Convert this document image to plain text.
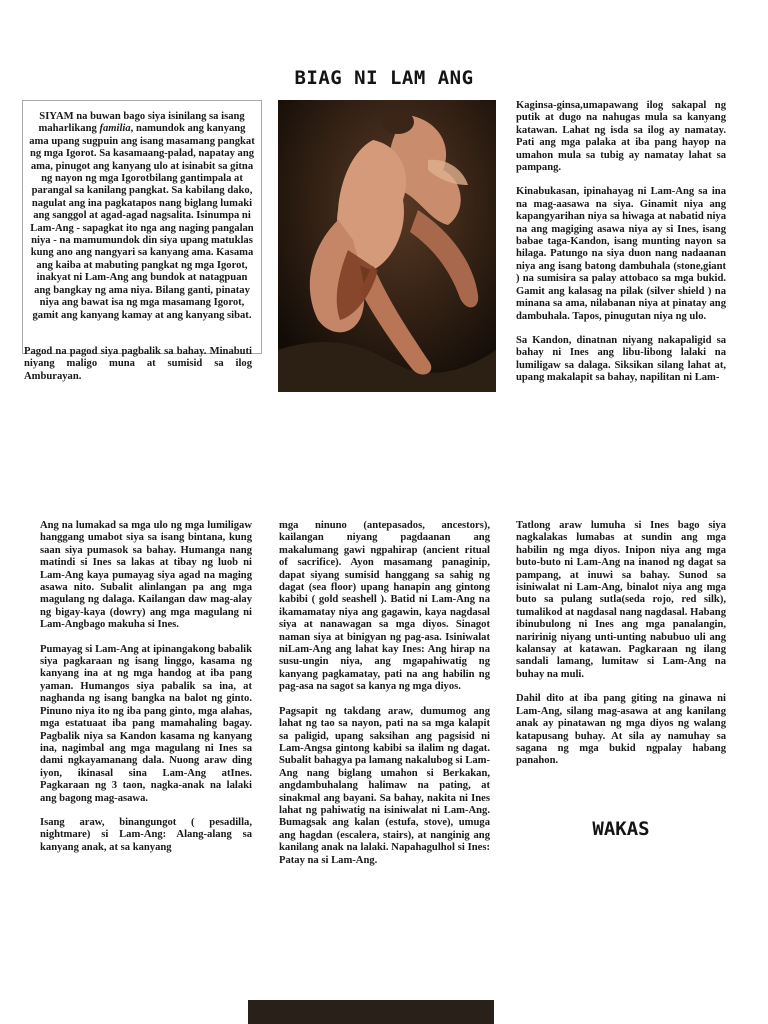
BIAG NI LAM ANG
SIYAM na buwan bago siya isinilang sa isang maharlikang familia, namundok ang kanyang ama upang sugpuin ang isang masamang pangkat ng mga Igorot. Sa kasamaang-palad, napatay ang ama, pinugot ang kanyang ulo at isinabit sa gitna ng nayon ng mga Igorotbilang gantimpala at parangal sa kanilang pangkat. Sa kabilang dako, nagulat ang ina pagkatapos nang biglang lumaki ang sanggol at agad-agad nagsalita. Isinumpa ni Lam-Ang - sapagkat ito nga ang naging pangalan niya - na mamumundok din siya upang matuklas kung ano ang nangyari sa kanyang ama. Kasama ang kaiba at mabuting pangkat ng mga Igorot, inakyat ni Lam-Ang ang bundok at natagpuan ang bangkay ng ama niya. Bilang ganti, pinatay niya ang bawat isa ng mga masamang Igorot, gamit ang kanyang kamay at ang kanyang sibat.
Pagod na pagod siya pagbalik sa bahay. Minabuti niyang maligo muna at sumisid sa ilog Amburayan.

Kaginsa-ginsa,umapawang ilog sakapal ng putik at dugo na nahugas mula sa kanyang katawan. Lahat ng isda sa ilog ay namatay. Pati ang mga palaka at iba pang hayop na umahon mula sa tubig ay namatay lahat sa pampang.

Kinabukasan, ipinahayag ni Lam-Ang sa ina na mag-aasawa na siya. Ginamit niya ang kapangyarihan niya sa hiwaga at nabatid niya na ang magiging asawa niya ay si Ines, isang babae taga-Kandon, isang munting nayon sa hilaga. Patungo na siya duon nang nadaanan niya ang isang batong dambuhala (stone,giant ) na sumisira sa palay attobaco sa mga bukid. Gamit ang kalasag na pilak (silver shield ) na minana sa ama, nilabanan niya at pinatay ang dambuhala. Tapos, pinugutan niya ng ulo.

Sa Kandon, dinatnan niyang nakapaligid sa bahay ni Ines ang libu-libong lalaki na lumiligaw sa dalaga. Siksikan silang lahat at, upang makalapit sa bahay, napilitan ni Lam-

Ang na lumakad sa mga ulo ng mga lumiligaw hanggang umabot siya sa isang bintana, kung saan siya pumasok sa bahay. Humanga nang matindi si Ines sa lakas at tibay ng luob ni Lam-Ang kaya pumayag siya agad na maging asawa nito. Subalit alinlangan pa ang mga magulang ng dalaga. Kailangan daw mag-alay ng bigay-kaya (dowry) ang mga magulang ni Lam-Angbago makuha si Ines.

Pumayag si Lam-Ang at ipinangakong babalik siya pagkaraan ng isang linggo, kasama ng kanyang ina at ng mga handog at iba pang yaman. Humangos siya pabalik sa ina, at naghanda ng isang bangka na balot ng ginto. Pinuno niya ito ng iba pang ginto, mga alahas, mga estatuaat iba pang mamahaling bagay. Pagbalik niya sa Kandon kasama ng kanyang ina, nagimbal ang mga magulang ni Ines sa dami ngkayamanang dala. Nuong araw ding iyon, ikinasal sina Lam-Ang atInes. Pagkaraan ng 3 taon, nagka-anak na lalaki ang bagong mag-asawa.

Isang araw, binangungot ( pesadilla, nightmare) si Lam-Ang: Alang-alang sa kanyang anak, at sa kanyang

mga ninuno (antepasados, ancestors), kailangan niyang pagdaanan ang makalumang gawi ngpahirap (ancient ritual of sacrifice). Ayon masamang panaginip, dapat siyang sumisid hanggang sa sahig ng dagat (sea floor) upang hanapin ang gintong kabibi ( gold seashell ). Batid ni Lam-Ang na ikamamatay niya ang gagawin, kaya nagdasal siya at nanawagan sa mga diyos. Sinagot naman siya at binigyan ng pag-asa. Isiniwalat niLam-Ang ang lahat kay Ines: Ang hirap na susu-ungin niya, ang mgapahiwatig ng kanyang pagkamatay, pati na ang habilin ng pag-asa na sagot sa kanya ng mga diyos.

Pagsapit ng takdang araw, dumumog ang lahat ng tao sa nayon, pati na sa mga kalapit sa paligid, upang saksihan ang pagsisid ni Lam-Angsa gintong kabibi sa ilalim ng dagat. Subalit bahagya pa lamang nakalubog si Lam-Ang nang biglang umahon si Berkakan, angdambuhalang halimaw na pating, at sinakmal ang bayani. Sa bahay, nakita ni Ines lahat ng pahiwatig na isiniwalat ni Lam-Ang. Bumagsak ang kalan (estufa, stove), umuga ang hagdan (escalera, stairs), at nanginig ang kanilang anak na lalaki. Napahagulhol si Ines: Patay na si Lam-Ang.

Tatlong araw lumuha si Ines bago siya nagkalakas lumabas at sundin ang mga habilin ng mga diyos. Inipon niya ang mga buto-buto ni Lam-Ang na inanod ng dagat sa pampang, at inuwi sa bahay. Sunod sa isiniwalat ni Lam-Ang, binalot niya ang mga buto sa pulang sutla(seda rojo, red silk), tumalikod at nagdasal nang nagdasal. Habang ibinubulong ni Ines ang mga panalangin, naririnig niyang unti-unting nabubuo uli ang kalansay at katawan. Pagkaraan ng ilang sandali lamang, lumitaw si Lam-Ang na buhay na muli.

Dahil dito at iba pang giting na ginawa ni Lam-Ang, silang mag-asawa at ang kanilang anak ay pinatawan ng mga diyos ng walang katapusang buhay. At sila ay namuhay sa sagana ng mga bukid ngpalay habang panahon.

WAKAS
